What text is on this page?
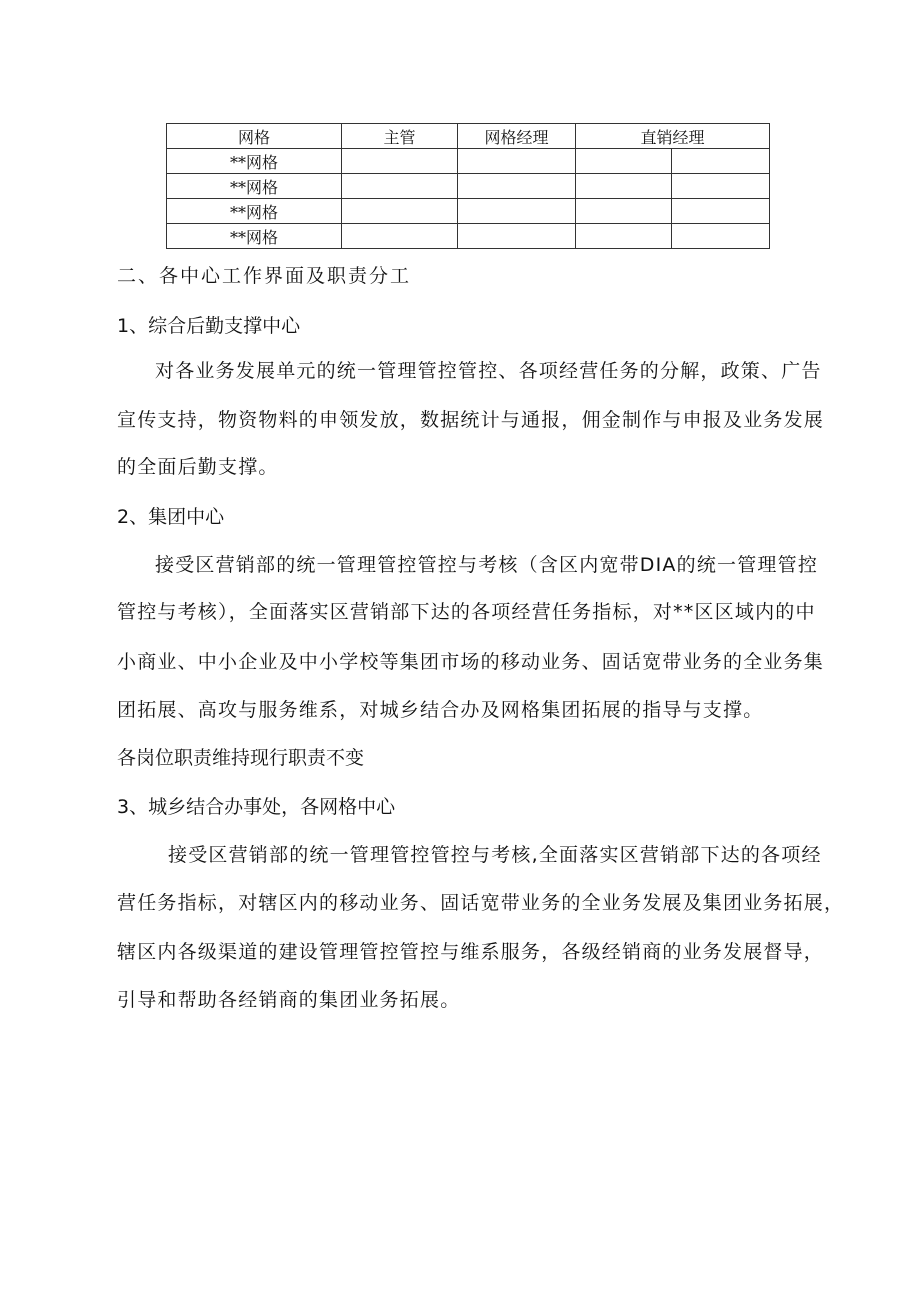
网格	主管	网格经理	直销经理	
**网格				
**网格				
**网格				
**网格				
二、各中心工作界面及职责分工
1、综合后勤支撑中心
对各业务发展单元的统一管理管控管控、各项经营任务的分解，政策、广告
宣传支持，物资物料的申领发放，数据统计与通报，佣金制作与申报及业务发展
的全面后勤支撑。
2、集团中心
接受区营销部的统一管理管控管控与考核（含区内宽带DIA的统一管理管控
管控与考核），全面落实区营销部下达的各项经营任务指标，对**区区域内的中
小商业、中小企业及中小学校等集团市场的移动业务、固话宽带业务的全业务集
团拓展、高攻与服务维系，对城乡结合办及网格集团拓展的指导与支撑。
各岗位职责维持现行职责不变
3、城乡结合办事处，各网格中心
接受区营销部的统一管理管控管控与考核,全面落实区营销部下达的各项经
营任务指标，对辖区内的移动业务、固话宽带业务的全业务发展及集团业务拓展，
辖区内各级渠道的建设管理管控管控与维系服务，各级经销商的业务发展督导，
引导和帮助各经销商的集团业务拓展。
